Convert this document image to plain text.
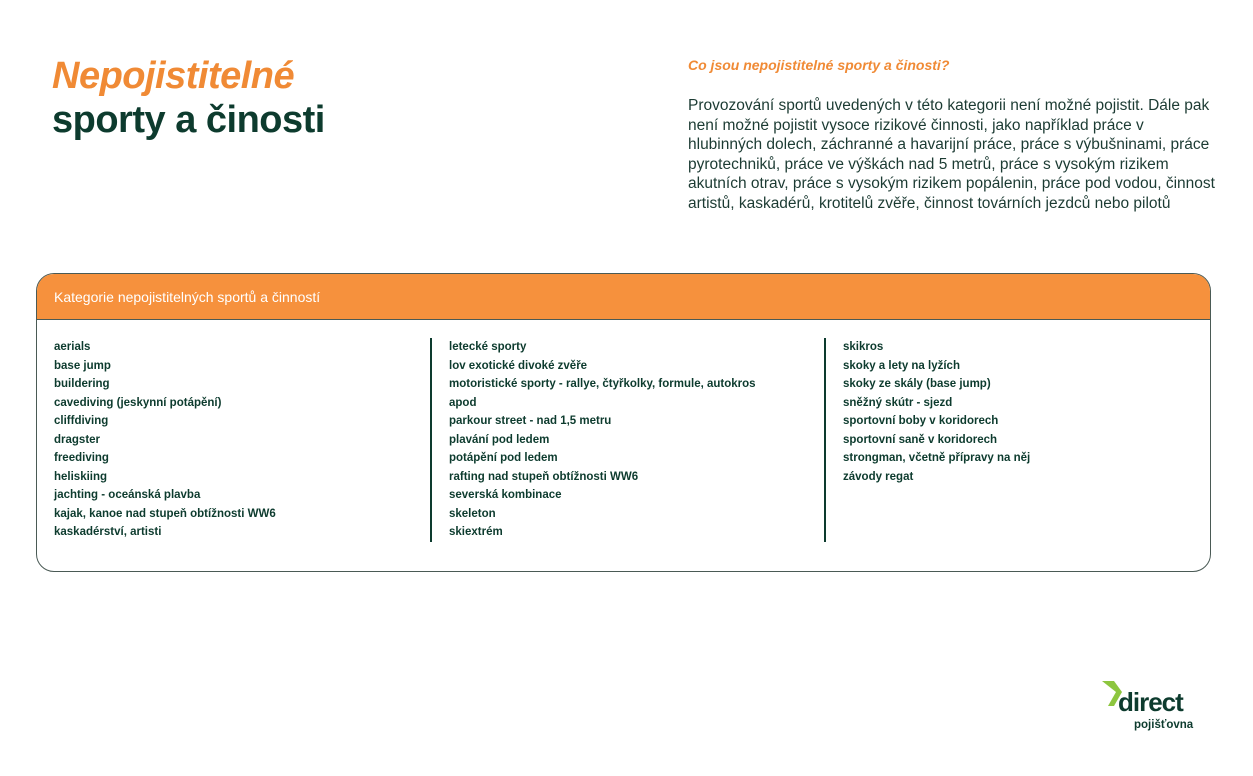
Nepojistitelné
sporty a činosti

Co jsou nepojistitelné sporty a činosti?

Provozování sportů uvedených v této kategorii není možné pojistit. Dále pak není možné pojistit vysoce rizikové činnosti, jako například práce v hlubinných dolech, záchranné a havarijní práce, práce s výbušninami, práce pyrotechniků, práce ve výškách nad 5 metrů, práce s vysokým rizikem akutních otrav, práce s vysokým rizikem popálenin, práce pod vodou, činnost artistů, kaskadérů, krotitelů zvěře, činnost továrních jezdců nebo pilotů

Kategorie nepojistitelných sportů a činností
aerials
base jump
buildering
cavediving (jeskynní potápění)
cliffdiving
dragster
freediving
heliskiing
jachting - oceánská plavba
kajak, kanoe nad stupeň obtížnosti WW6
kaskadérství, artisti
letecké sporty
lov exotické divoké zvěře
motoristické sporty - rallye, čtyřkolky, formule, autokros
apod
parkour street - nad 1,5 metru
plavání pod ledem
potápění pod ledem
rafting nad stupeň obtížnosti WW6
severská kombinace
skeleton
skiextrém
skikros
skoky a lety na lyžích
skoky ze skály (base jump)
sněžný skútr - sjezd
sportovní boby v koridorech
sportovní saně v koridorech
strongman, včetně přípravy na něj
závody regat
direct
pojišťovna
